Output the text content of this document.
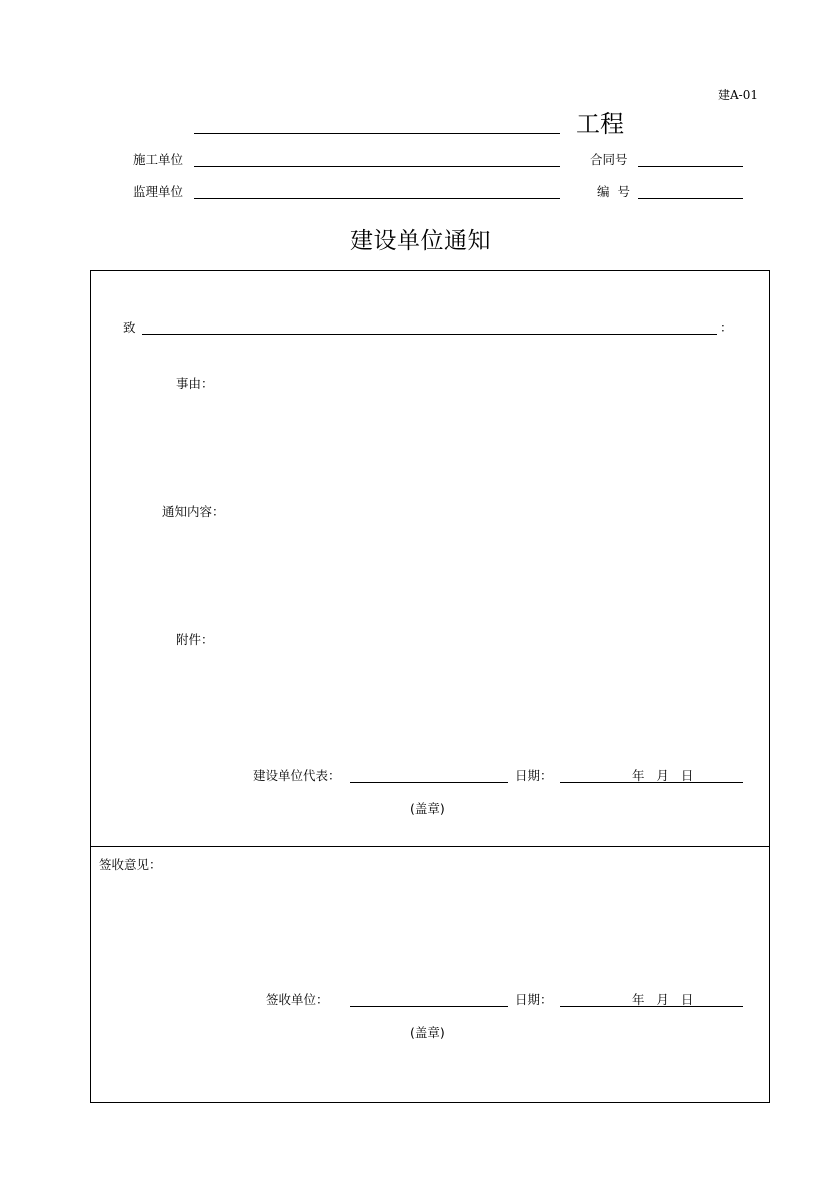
建A-01
工程
施工单位	合同号
监理单位	编  号
建设单位通知
致	：
事由：
通知内容：
附件：
建设单位代表：	日期：	年   月   日
(盖章)
签收意见：
签收单位：	日期：	年   月   日
(盖章)
